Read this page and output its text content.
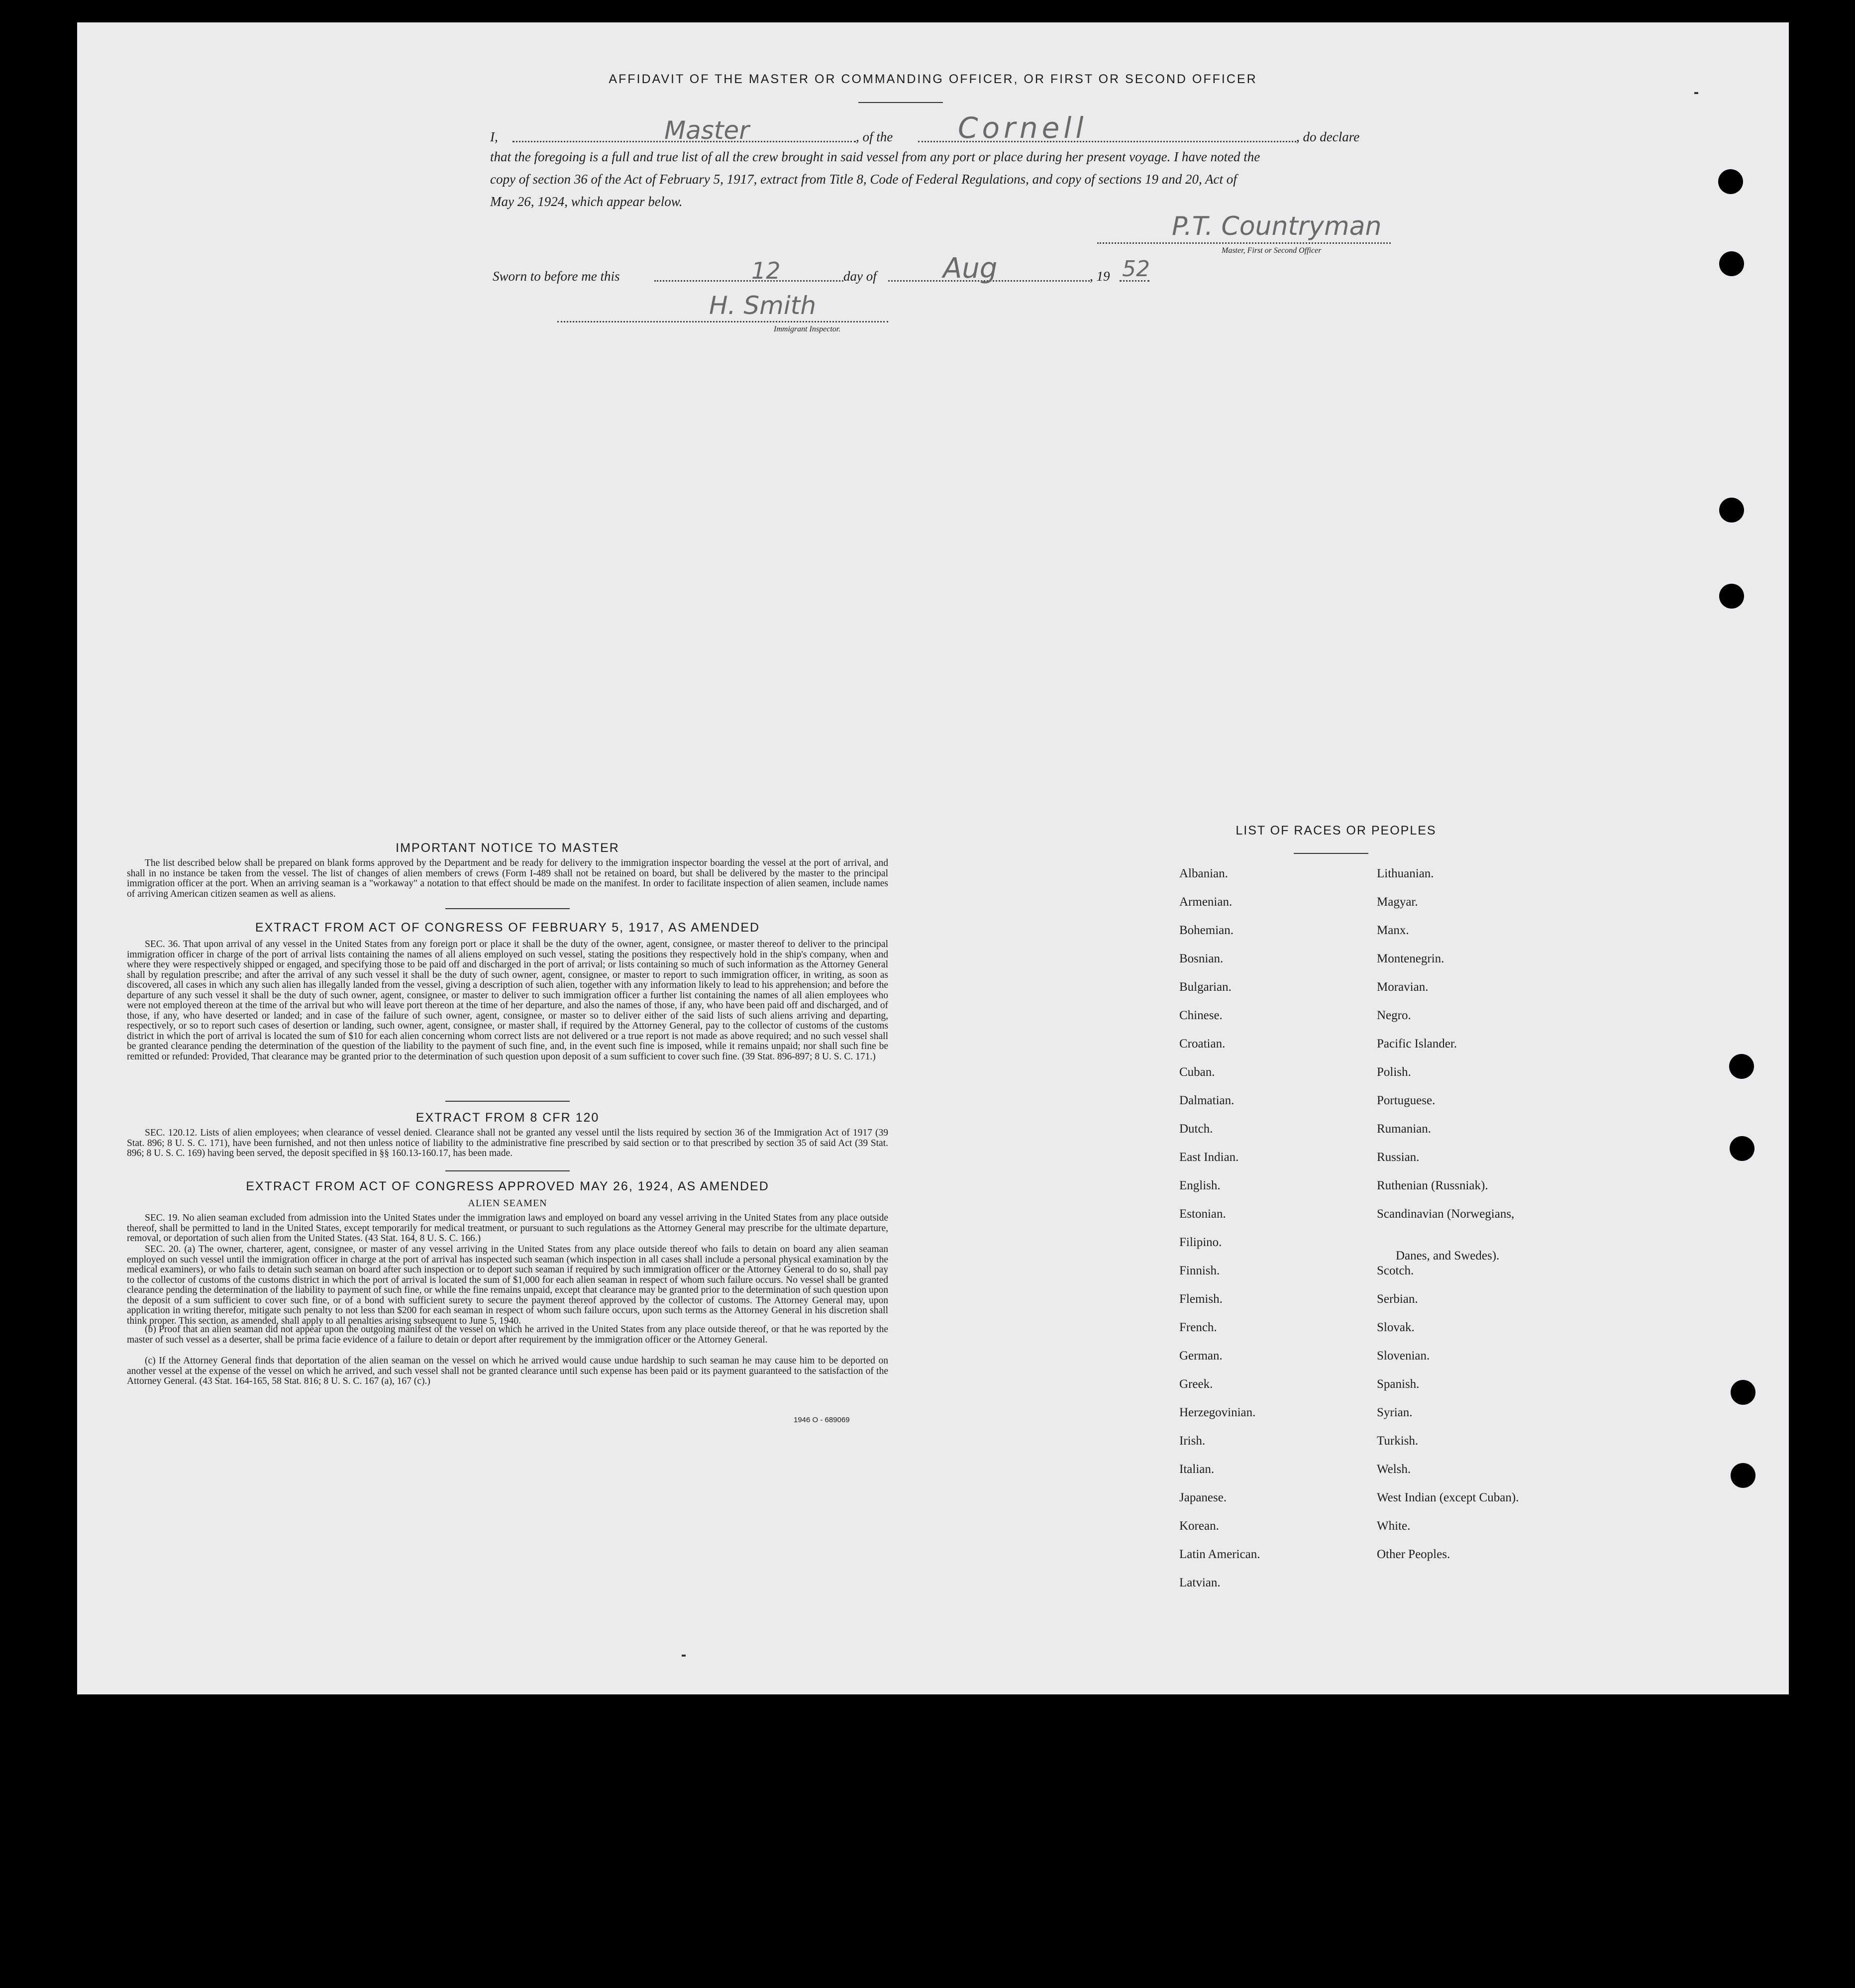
AFFIDAVIT OF THE MASTER OR COMMANDING OFFICER, OR FIRST OR SECOND OFFICER
I,	Master	, of the Cornell	, do declare
that the foregoing is a full and true list of all the crew brought in said vessel from any port or place during her present voyage. I have noted the
copy of section 36 of the Act of February 5, 1917, extract from Title 8, Code of Federal Regulations, and copy of sections 19 and 20, Act of
May 26, 1924, which appear below.
P.T. Countryman
Master, First or Second Officer
Sworn to before me this	12	day of Aug	, 19 52
H. Smith
Immigrant Inspector.
IMPORTANT NOTICE TO MASTER
The list described below shall be prepared on blank forms approved by the Department and be ready for delivery to the immigration inspector boarding the vessel at the port of arrival, and shall in no instance be taken from the vessel. The list of changes of alien members of crews (Form I-489 shall not be retained on board, but shall be delivered by the master to the principal immigration officer at the port. When an arriving seaman is a "workaway" a notation to that effect should be made on the manifest. In order to facilitate inspection of alien seamen, include names of arriving American citizen seamen as well as aliens.
EXTRACT FROM ACT OF CONGRESS OF FEBRUARY 5, 1917, AS AMENDED
SEC. 36. That upon arrival of any vessel in the United States from any foreign port or place it shall be the duty of the owner, agent, consignee, or master thereof to deliver to the principal immigration officer in charge of the port of arrival lists containing the names of all aliens employed on such vessel, stating the positions they respectively hold in the ship's company, when and where they were respectively shipped or engaged, and specifying those to be paid off and discharged in the port of arrival; or lists containing so much of such information as the Attorney General shall by regulation prescribe; and after the arrival of any such vessel it shall be the duty of such owner, agent, consignee, or master to report to such immigration officer, in writing, as soon as discovered, all cases in which any such alien has illegally landed from the vessel, giving a description of such alien, together with any information likely to lead to his apprehension; and before the departure of any such vessel it shall be the duty of such owner, agent, consignee, or master to deliver to such immigration officer a further list containing the names of all alien employees who were not employed thereon at the time of the arrival but who will leave port thereon at the time of her departure, and also the names of those, if any, who have been paid off and discharged, and of those, if any, who have deserted or landed; and in case of the failure of such owner, agent, consignee, or master so to deliver either of the said lists of such aliens arriving and departing, respectively, or so to report such cases of desertion or landing, such owner, agent, consignee, or master shall, if required by the Attorney General, pay to the collector of customs of the customs district in which the port of arrival is located the sum of $10 for each alien concerning whom correct lists are not delivered or a true report is not made as above required; and no such vessel shall be granted clearance pending the determination of the question of the liability to the payment of such fine, and, in the event such fine is imposed, while it remains unpaid; nor shall such fine be remitted or refunded: Provided, That clearance may be granted prior to the determination of such question upon deposit of a sum sufficient to cover such fine. (39 Stat. 896-897; 8 U. S. C. 171.)
EXTRACT FROM 8 CFR 120
SEC. 120.12. Lists of alien employees; when clearance of vessel denied. Clearance shall not be granted any vessel until the lists required by section 36 of the Immigration Act of 1917 (39 Stat. 896; 8 U. S. C. 171), have been furnished, and not then unless notice of liability to the administrative fine prescribed by said section or to that prescribed by section 35 of said Act (39 Stat. 896; 8 U. S. C. 169) having been served, the deposit specified in §§ 160.13-160.17, has been made.
EXTRACT FROM ACT OF CONGRESS APPROVED MAY 26, 1924, AS AMENDED
ALIEN SEAMEN
SEC. 19. No alien seaman excluded from admission into the United States under the immigration laws and employed on board any vessel arriving in the United States from any place outside thereof, shall be permitted to land in the United States, except temporarily for medical treatment, or pursuant to such regulations as the Attorney General may prescribe for the ultimate departure, removal, or deportation of such alien from the United States. (43 Stat. 164, 8 U. S. C. 166.)
SEC. 20. (a) The owner, charterer, agent, consignee, or master of any vessel arriving in the United States from any place outside thereof who fails to detain on board any alien seaman employed on such vessel until the immigration officer in charge at the port of arrival has inspected such seaman (which inspection in all cases shall include a personal physical examination by the medical examiners), or who fails to detain such seaman on board after such inspection or to deport such seaman if required by such immigration officer or the Attorney General to do so, shall pay to the collector of customs of the customs district in which the port of arrival is located the sum of $1,000 for each alien seaman in respect of whom such failure occurs. No vessel shall be granted clearance pending the determination of the liability to payment of such fine, or while the fine remains unpaid, except that clearance may be granted prior to the determination of such question upon the deposit of a sum sufficient to cover such fine, or of a bond with sufficient surety to secure the payment thereof approved by the collector of customs. The Attorney General may, upon application in writing therefor, mitigate such penalty to not less than $200 for each seaman in respect of whom such failure occurs, upon such terms as the Attorney General in his discretion shall think proper. This section, as amended, shall apply to all penalties arising subsequent to June 5, 1940.
(b) Proof that an alien seaman did not appear upon the outgoing manifest of the vessel on which he arrived in the United States from any place outside thereof, or that he was reported by the master of such vessel as a deserter, shall be prima facie evidence of a failure to detain or deport after requirement by the immigration officer or the Attorney General.
(c) If the Attorney General finds that deportation of the alien seaman on the vessel on which he arrived would cause undue hardship to such seaman he may cause him to be deported on another vessel at the expense of the vessel on which he arrived, and such vessel shall not be granted clearance until such expense has been paid or its payment guaranteed to the satisfaction of the Attorney General. (43 Stat. 164-165, 58 Stat. 816; 8 U. S. C. 167 (a), 167 (c).)
1946 O - 689069
LIST OF RACES OR PEOPLES
Albanian.
Armenian.
Bohemian.
Bosnian.
Bulgarian.
Chinese.
Croatian.
Cuban.
Dalmatian.
Dutch.
East Indian.
English.
Estonian.
Filipino.
Finnish.
Flemish.
French.
German.
Greek.
Herzegovinian.
Irish.
Italian.
Japanese.
Korean.
Latin American.
Latvian.
Lithuanian.
Magyar.
Manx.
Montenegrin.
Moravian.
Negro.
Pacific Islander.
Polish.
Portuguese.
Rumanian.
Russian.
Ruthenian (Russniak).
Scandinavian (Norwegians,
Danes, and Swedes).
Scotch.
Serbian.
Slovak.
Slovenian.
Spanish.
Syrian.
Turkish.
Welsh.
West Indian (except Cuban).
White.
Other Peoples.
